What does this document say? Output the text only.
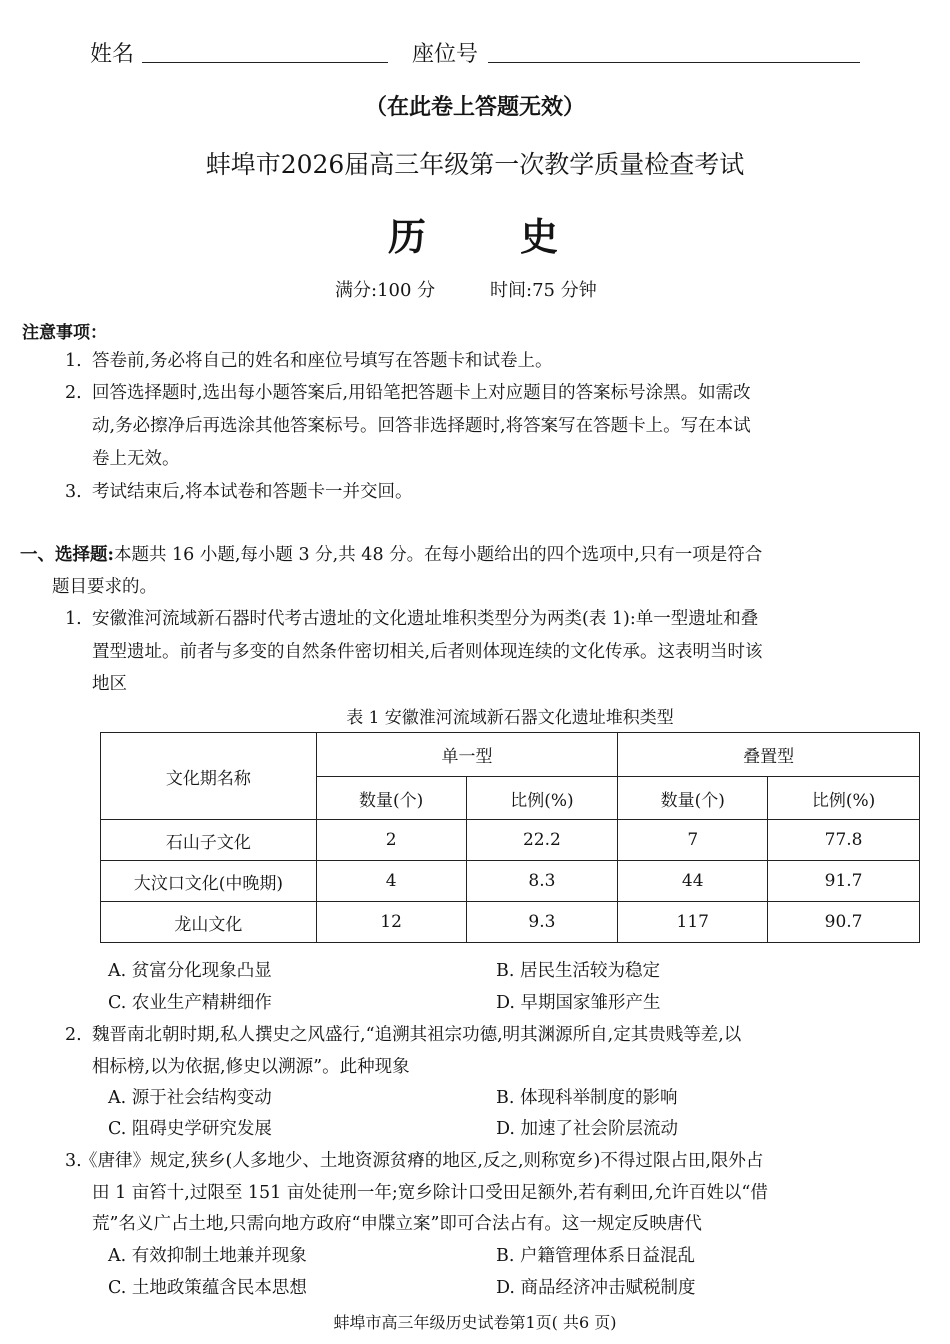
姓名	座位号
（在此卷上答题无效）
蚌埠市2026届高三年级第一次教学质量检查考试
历 史
满分:100 分	时间:75 分钟
注意事项：
1. 答卷前,务必将自己的姓名和座位号填写在答题卡和试卷上。
2. 回答选择题时,选出每小题答案后,用铅笔把答题卡上对应题目的答案标号涂黑。如需改
动,务必擦净后再选涂其他答案标号。回答非选择题时,将答案写在答题卡上。写在本试
卷上无效。
3. 考试结束后,将本试卷和答题卡一并交回。
一、选择题:本题共 16 小题,每小题 3 分,共 48 分。在每小题给出的四个选项中,只有一项是符合
题目要求的。
1. 安徽淮河流域新石器时代考古遗址的文化遗址堆积类型分为两类(表 1):单一型遗址和叠
置型遗址。前者与多变的自然条件密切相关,后者则体现连续的文化传承。这表明当时该
地区
表 1 安徽淮河流域新石器文化遗址堆积类型
文化期名称	单一型		叠置型	
	数量(个)	比例(%)	数量(个)	比例(%)
石山子文化	2	22.2	7	77.8
大汶口文化(中晚期)	4	8.3	44	91.7
龙山文化	12	9.3	117	90.7
A. 贫富分化现象凸显	B. 居民生活较为稳定
C. 农业生产精耕细作	D. 早期国家雏形产生
2. 魏晋南北朝时期,私人撰史之风盛行,“追溯其祖宗功德,明其渊源所自,定其贵贱等差,以
相标榜,以为依据,修史以溯源”。此种现象
A. 源于社会结构变动	B. 体现科举制度的影响
C. 阻碍史学研究发展	D. 加速了社会阶层流动
3.
《唐律》规定,狭乡(人多地少、土地资源贫瘠的地区,反之,则称宽乡)不得过限占田,限外占
田 1 亩笞十,过限至 151 亩处徒刑一年;宽乡除计口受田足额外,若有剩田,允许百姓以“借
荒”名义广占土地,只需向地方政府“申牒立案”即可合法占有。这一规定反映唐代
A. 有效抑制土地兼并现象	B. 户籍管理体系日益混乱
C. 土地政策蕴含民本思想	D. 商品经济冲击赋税制度
蚌埠市高三年级历史试卷第1页( 共6 页)
